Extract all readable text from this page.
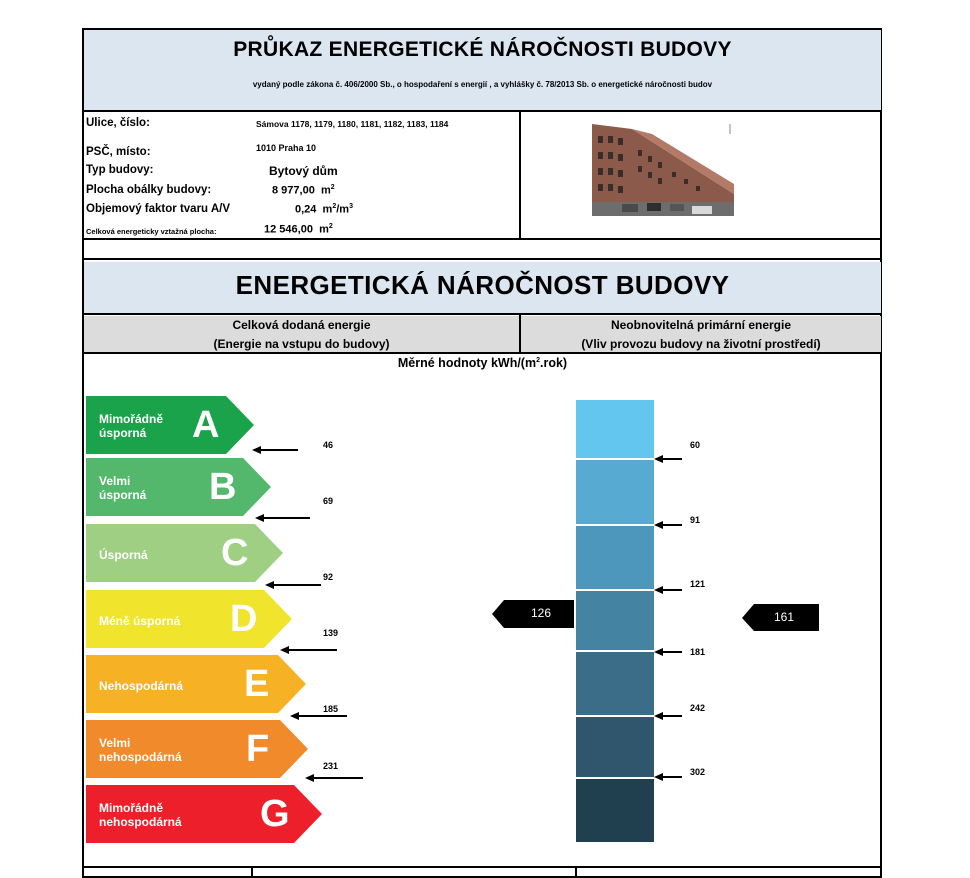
PRŮKAZ ENERGETICKÉ NÁROČNOSTI BUDOVY
vydaný podle zákona č. 406/2000 Sb., o hospodaření s energií , a vyhlášky č. 78/2013 Sb. o energetické náročnosti budov
Ulice, číslo:	Sámova 1178, 1179, 1180, 1181, 1182, 1183, 1184
PSČ, místo:	1010 Praha 10
Typ budovy:	Bytový dům
Plocha obálky budovy:	8 977,00 $m^2$
Objemový faktor tvaru A/V	0,24 $m^2/m^3$
Celková energeticky vztažná plocha:	12 546,00 $m^2$
ENERGETICKÁ NÁROČNOST BUDOVY
Celková dodaná energie
(Energie na vstupu do budovy)
Neobnovitelná primární energie
(Vliv provozu budovy na životní prostředí)
Měrné hodnoty kWh/$(m^2.rok)$
Mimořádně
úsporná	A
Velmi
úsporná B
Úsporná C
Méně úsporná D
Nehospodárná E
Velmi
nehospodárná F
Mimořádně
nehospodárná G
46
69
92
139
185
231
60
91
121
181
242
302
126	161
